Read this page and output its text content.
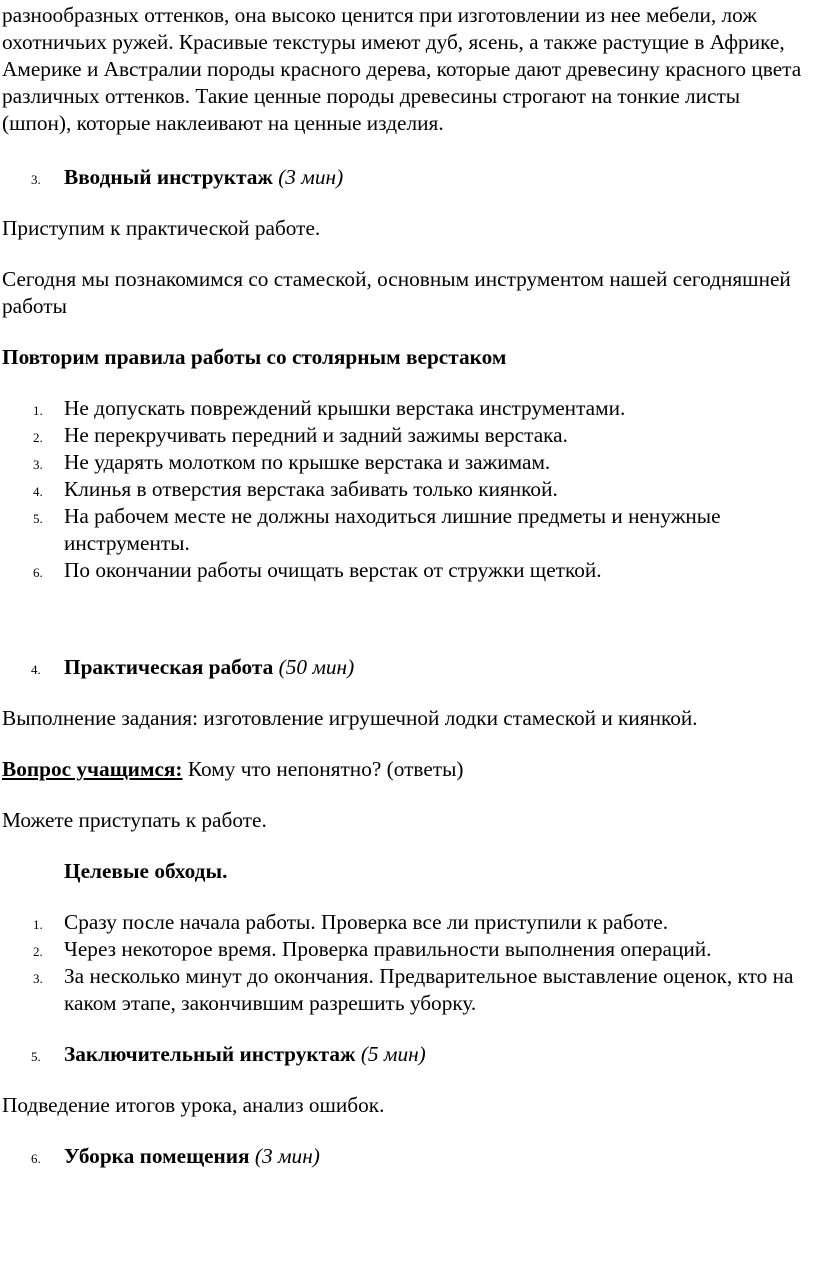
разнообразных оттенков, она высоко ценится при изготовлении из нее мебели, лож охотничьих ружей. Красивые текстуры имеют дуб, ясень, а также растущие в Африке, Америке и Австралии породы красного дерева, которые дают древесину красного цвета различных оттенков. Такие ценные породы древесины строгают на тонкие листы (шпон), которые наклеивают на ценные изделия.

3. Вводный инструктаж (3 мин)

Приступим к практической работе.

Сегодня мы познакомимся со стамеской, основным инструментом нашей сегодняшней работы

Повторим правила работы со столярным верстаком

1. Не допускать повреждений крышки верстака инструментами.
2. Не перекручивать передний и задний зажимы верстака.
3. Не ударять молотком по крышке верстака и зажимам.
4. Клинья в отверстия верстака забивать только киянкой.
5. На рабочем месте не должны находиться лишние предметы и ненужные инструменты.
6. По окончании работы очищать верстак от стружки щеткой.
4. Практическая работа (50 мин)

Выполнение задания: изготовление игрушечной лодки стамеской и киянкой.

Вопрос учащимся: Кому что непонятно? (ответы)

Можете приступать к работе.

Целевые обходы.

1. Сразу после начала работы. Проверка все ли приступили к работе.
2. Через некоторое время. Проверка правильности выполнения операций.
3. За несколько минут до окончания. Предварительное выставление оценок, кто на каком этапе, закончившим разрешить уборку.
5. Заключительный инструктаж (5 мин)

Подведение итогов урока, анализ ошибок.

6. Уборка помещения (3 мин)
